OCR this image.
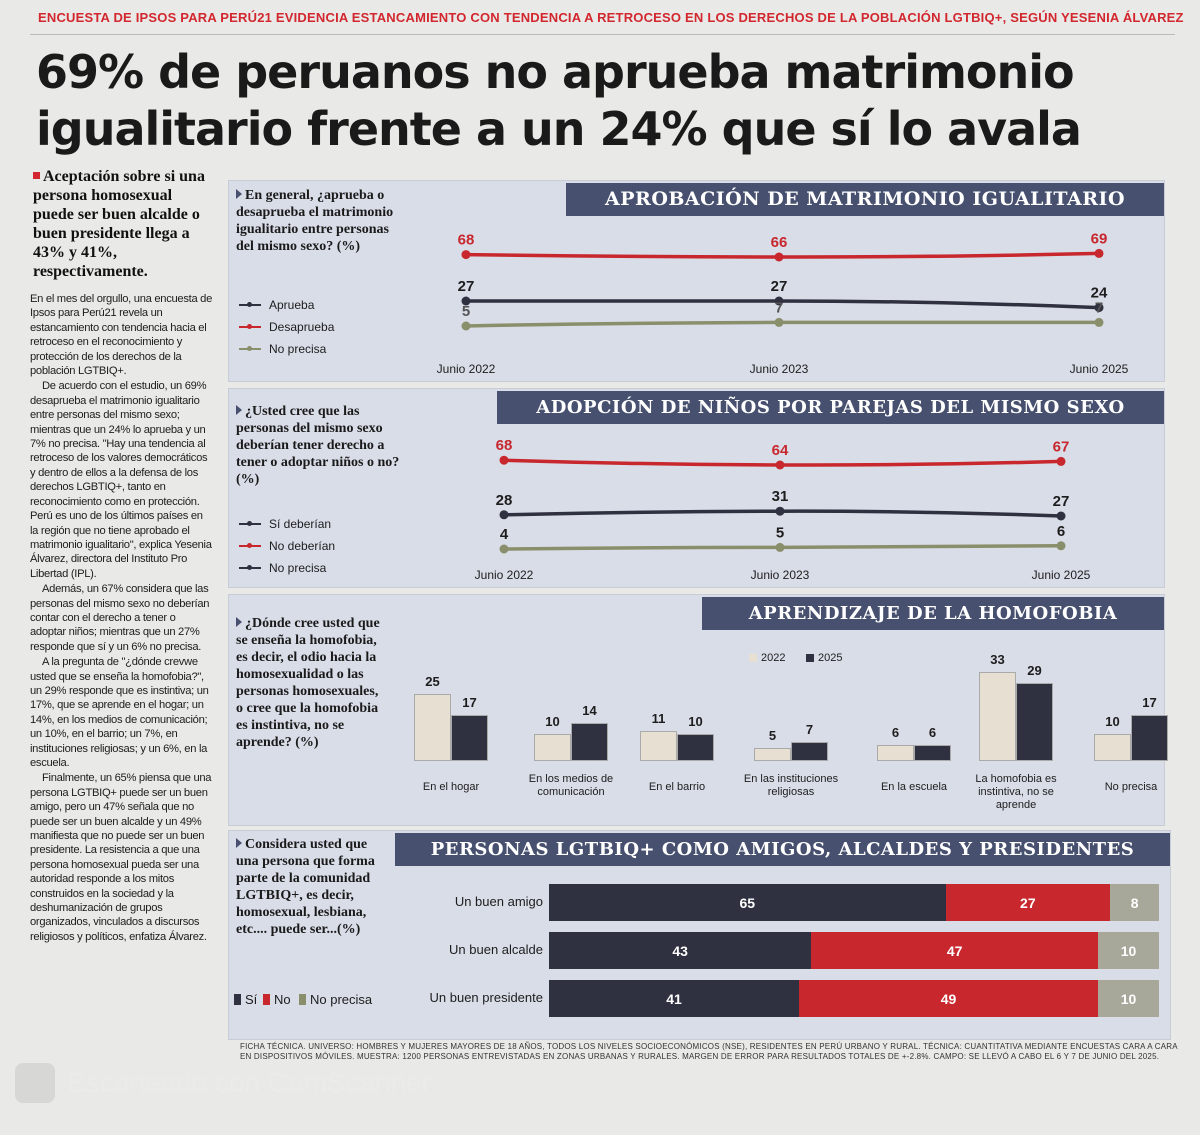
ENCUESTA DE IPSOS PARA PERÚ21 EVIDENCIA ESTANCAMIENTO CON TENDENCIA A RETROCESO EN LOS DERECHOS DE LA POBLACIÓN LGTBIQ+, SEGÚN YESENIA ÁLVAREZ
69% de peruanos no aprueba matrimonio igualitario frente a un 24% que sí lo avala
Aceptación sobre si una persona homosexual puede ser buen alcalde o buen presidente llega a 43% y 41%, respectivamente.

En el mes del orgullo, una encuesta de Ipsos para Perú21 revela un estancamiento con tendencia hacia el retroceso en el reconocimiento y protección de los derechos de la población LGTBIQ+.

De acuerdo con el estudio, un 69% desaprueba el matrimonio igualitario entre personas del mismo sexo; mientras que un 24% lo aprueba y un 7% no precisa. "Hay una tendencia al retroceso de los valores democráticos y dentro de ellos a la defensa de los derechos LGBTIQ+, tanto en reconocimiento como en protección. Perú es uno de los últimos países en la región que no tiene aprobado el matrimonio igualitario", explica Yesenia Álvarez, directora del Instituto Pro Libertad (IPL).

Además, un 67% considera que las personas del mismo sexo no deberían contar con el derecho a tener o adoptar niños; mientras que un 27% responde que sí y un 6% no precisa.

A la pregunta de "¿dónde crevwe usted que se enseña la homofobia?", un 29% responde que es instintiva; un 17%, que se aprende en el hogar; un 14%, en los medios de comunicación; un 10%, en el barrio; un 7%, en instituciones religiosas; y un 6%, en la escuela.

Finalmente, un 65% piensa que una persona LGTBIQ+ puede ser un buen amigo, pero un 47% señala que no puede ser un buen alcalde y un 49% manifiesta que no puede ser un buen presidente. La resistencia a que una persona homosexual pueda ser una autoridad responde a los mitos construidos en la sociedad y la deshumanización de grupos organizados, vinculados a discursos religiosos y políticos, enfatiza Álvarez.

APROBACIÓN DE MATRIMONIO IGUALITARIO
En general, ¿aprueba o desaprueba el matrimonio igualitario entre personas del mismo sexo? (%)
Aprueba
Desaprueba
No precisa
Junio 2022	Junio 2023	Junio 2025
27	27	24
68	66	69
5	7	7
ADOPCIÓN DE NIÑOS POR PAREJAS DEL MISMO SEXO
¿Usted cree que las personas del mismo sexo deberían tener derecho a tener o adoptar niños o no? (%)
Sí deberían
No deberían
No precisa	Junio 2022	Junio 2023	Junio 2025
28	31	27
68	64	67
4	5	6
APRENDIZAJE DE LA HOMOFOBIA
¿Dónde cree usted que se enseña la homofobia, es decir, el odio hacia la homosexualidad o las personas homosexuales, o cree que la homofobia es instintiva, no se aprende? (%)
2022	2025
25
17
En el hogar
10
14
En los medios de comunicación
11 10
En el barrio
5 7
En las instituciones religiosas
6 6
En la escuela
33
29
La homofobia es instintiva, no se aprende
10
17
No precisa
PERSONAS LGTBIQ+ COMO AMIGOS, ALCALDES Y PRESIDENTES
Considera usted que una persona que forma parte de la comunidad LGTBIQ+, es decir, homosexual, lesbiana, etc.... puede ser...(%)
Sí No No precisa
Un buen amigo	65	27	8
Un buen alcalde	43	47	10
Un buen presidente	41	49	10
FICHA TÉCNICA. UNIVERSO: HOMBRES Y MUJERES MAYORES DE 18 AÑOS, TODOS LOS NIVELES SOCIOECONÓMICOS (NSE), RESIDENTES EN PERÚ URBANO Y RURAL. TÉCNICA: CUANTITATIVA MEDIANTE ENCUESTAS CARA A CARA EN DISPOSITIVOS MÓVILES. MUESTRA: 1200 PERSONAS ENTREVISTADAS EN ZONAS URBANAS Y RURALES. MARGEN DE ERROR PARA RESULTADOS TOTALES DE +-2.8%. CAMPO: SE LLEVÓ A CABO EL 6 Y 7 DE JUNIO DEL 2025.
Escaneado con CamScanner
